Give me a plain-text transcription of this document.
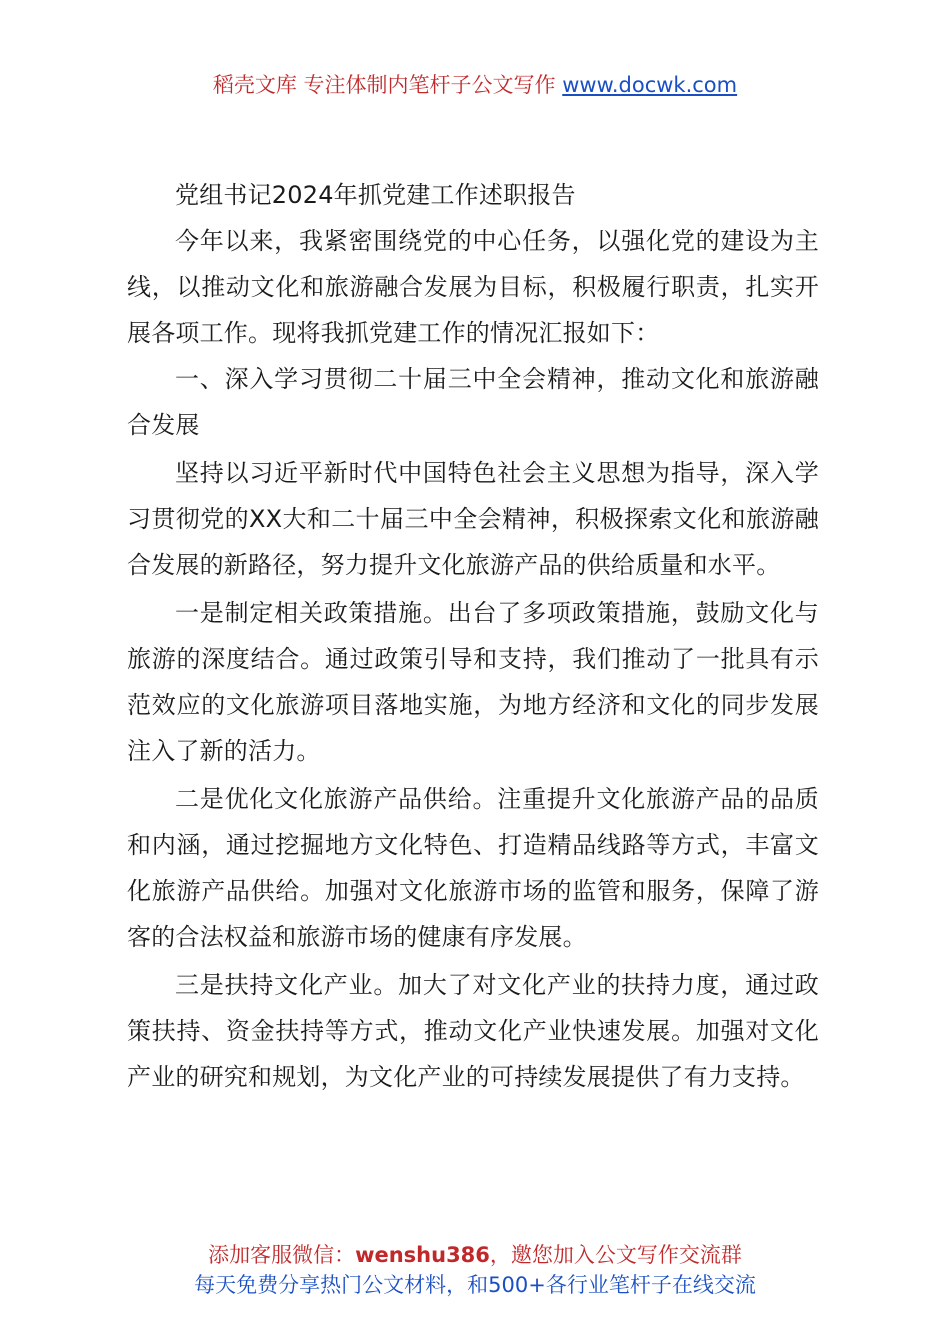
稻壳文库 专注体制内笔杆子公文写作 www.docwk.com

党组书记2024年抓党建工作述职报告

今年以来，我紧密围绕党的中心任务，以强化党的建设为主线，以推动文化和旅游融合发展为目标，积极履行职责，扎实开展各项工作。现将我抓党建工作的情况汇报如下：

一、深入学习贯彻二十届三中全会精神，推动文化和旅游融合发展

坚持以习近平新时代中国特色社会主义思想为指导，深入学习贯彻党的XX大和二十届三中全会精神，积极探索文化和旅游融合发展的新路径，努力提升文化旅游产品的供给质量和水平。

一是制定相关政策措施。出台了多项政策措施，鼓励文化与旅游的深度结合。通过政策引导和支持，我们推动了一批具有示范效应的文化旅游项目落地实施，为地方经济和文化的同步发展注入了新的活力。

二是优化文化旅游产品供给。注重提升文化旅游产品的品质和内涵，通过挖掘地方文化特色、打造精品线路等方式，丰富文化旅游产品供给。加强对文化旅游市场的监管和服务，保障了游客的合法权益和旅游市场的健康有序发展。

三是扶持文化产业。加大了对文化产业的扶持力度，通过政策扶持、资金扶持等方式，推动文化产业快速发展。加强对文化产业的研究和规划，为文化产业的可持续发展提供了有力支持。

添加客服微信：wenshu386，邀您加入公文写作交流群
每天免费分享热门公文材料，和500+各行业笔杆子在线交流
